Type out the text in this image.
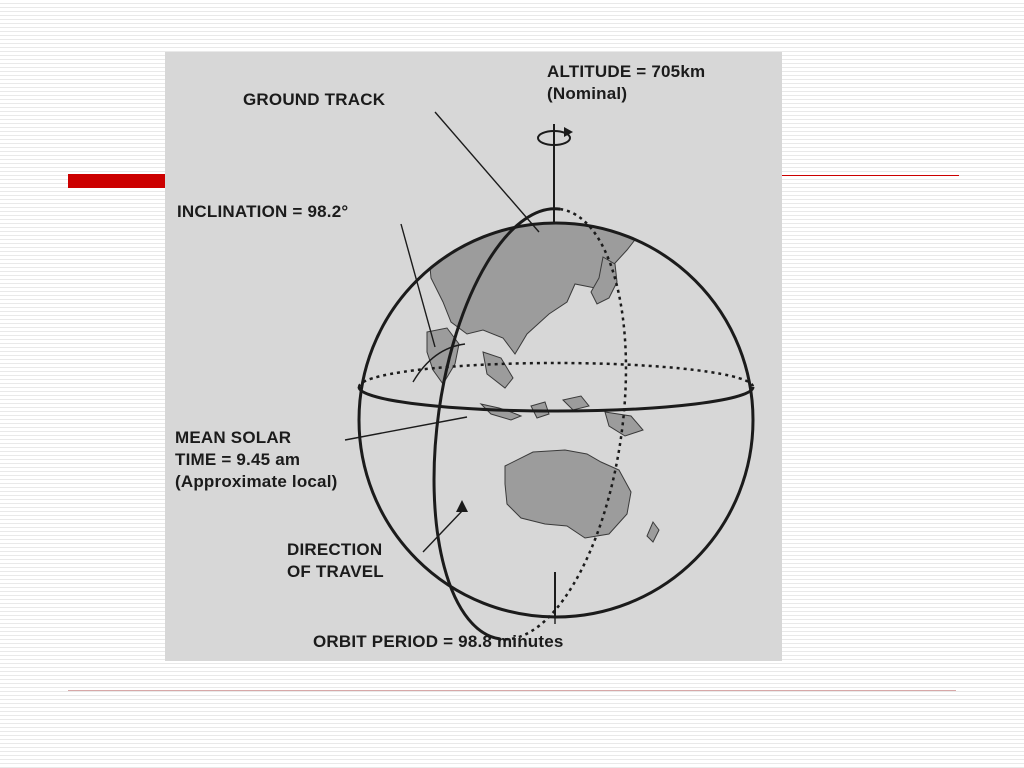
ALTITUDE = 705km
(Nominal)
GROUND TRACK
INCLINATION = 98.2°
MEAN SOLAR
TIME = 9.45 am
(Approximate local)
DIRECTION
OF TRAVEL
ORBIT PERIOD = 98.8 minutes
